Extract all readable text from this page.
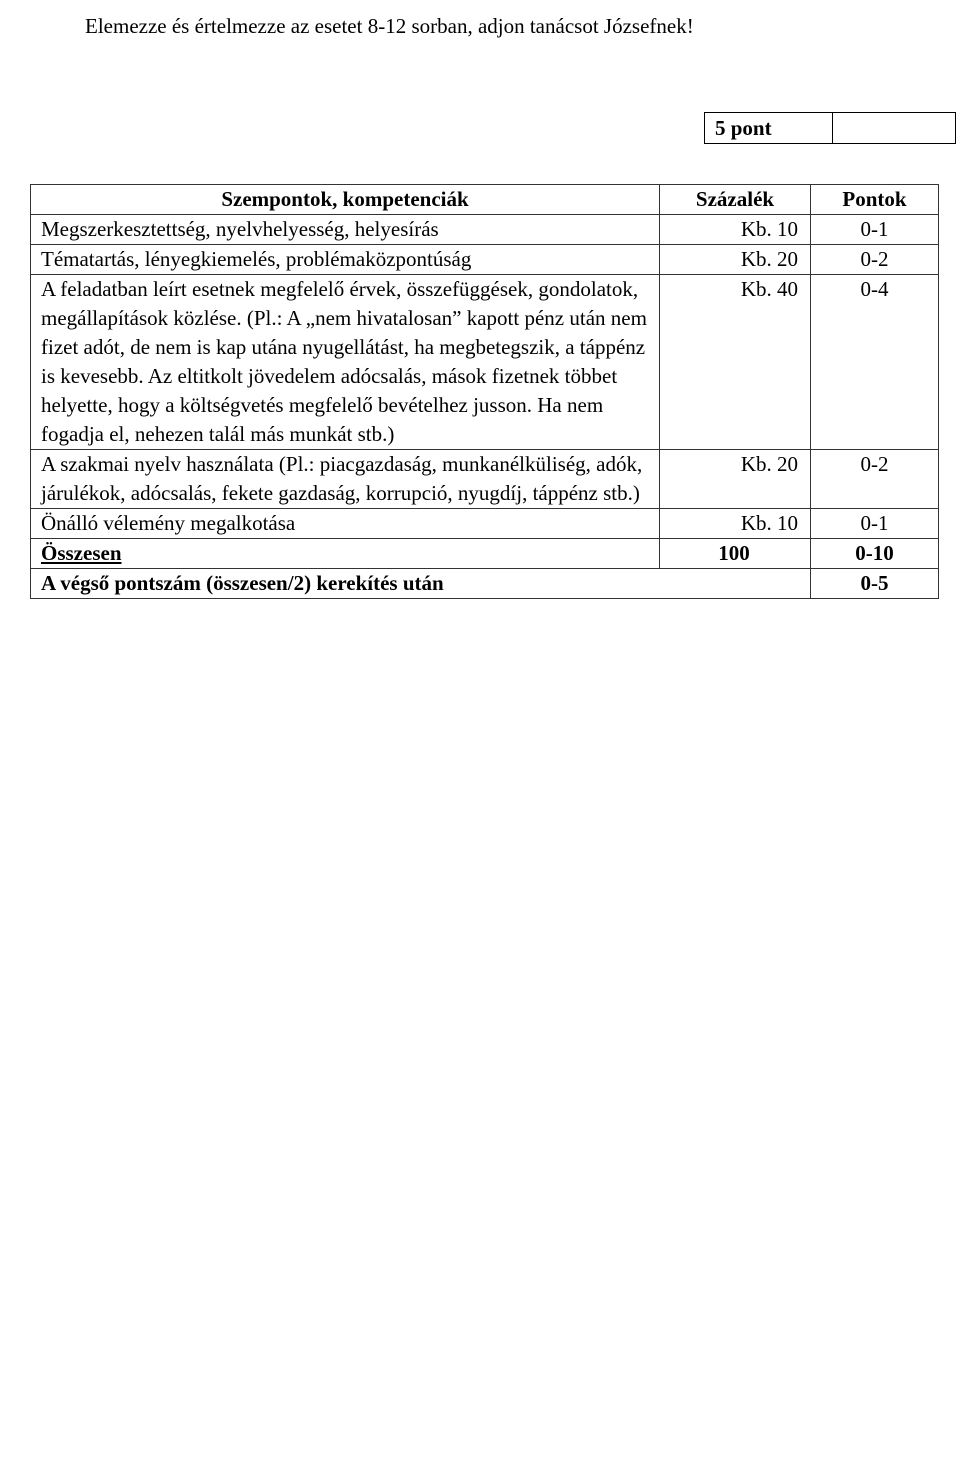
Elemezze és értelmezze az esetet 8-12 sorban, adjon tanácsot Józsefnek!
5 pont
Szempontok, kompetenciák	Százalék	Pontok
Megszerkesztettség, nyelvhelyesség, helyesírás	Kb. 10	0-1
Tématartás, lényegkiemelés, problémaközpontúság	Kb. 20	0-2
A feladatban leírt esetnek megfelelő érvek, összefüggések, gondolatok, megállapítások közlése. (Pl.: A „nem hivatalosan” kapott pénz után nem fizet adót, de nem is kap utána nyugellátást, ha megbetegszik, a táppénz is kevesebb. Az eltitkolt jövedelem adócsalás, mások fizetnek többet helyette, hogy a költségvetés megfelelő bevételhez jusson. Ha nem fogadja el, nehezen talál más munkát stb.)	Kb. 40	0-4
A szakmai nyelv használata (Pl.: piacgazdaság, munkanélküliség, adók, járulékok, adócsalás, fekete gazdaság, korrupció, nyugdíj, táppénz stb.)	Kb. 20	0-2
Önálló vélemény megalkotása	Kb. 10	0-1
Összesen	100	0-10
A végső pontszám (összesen/2) kerekítés után		0-5
